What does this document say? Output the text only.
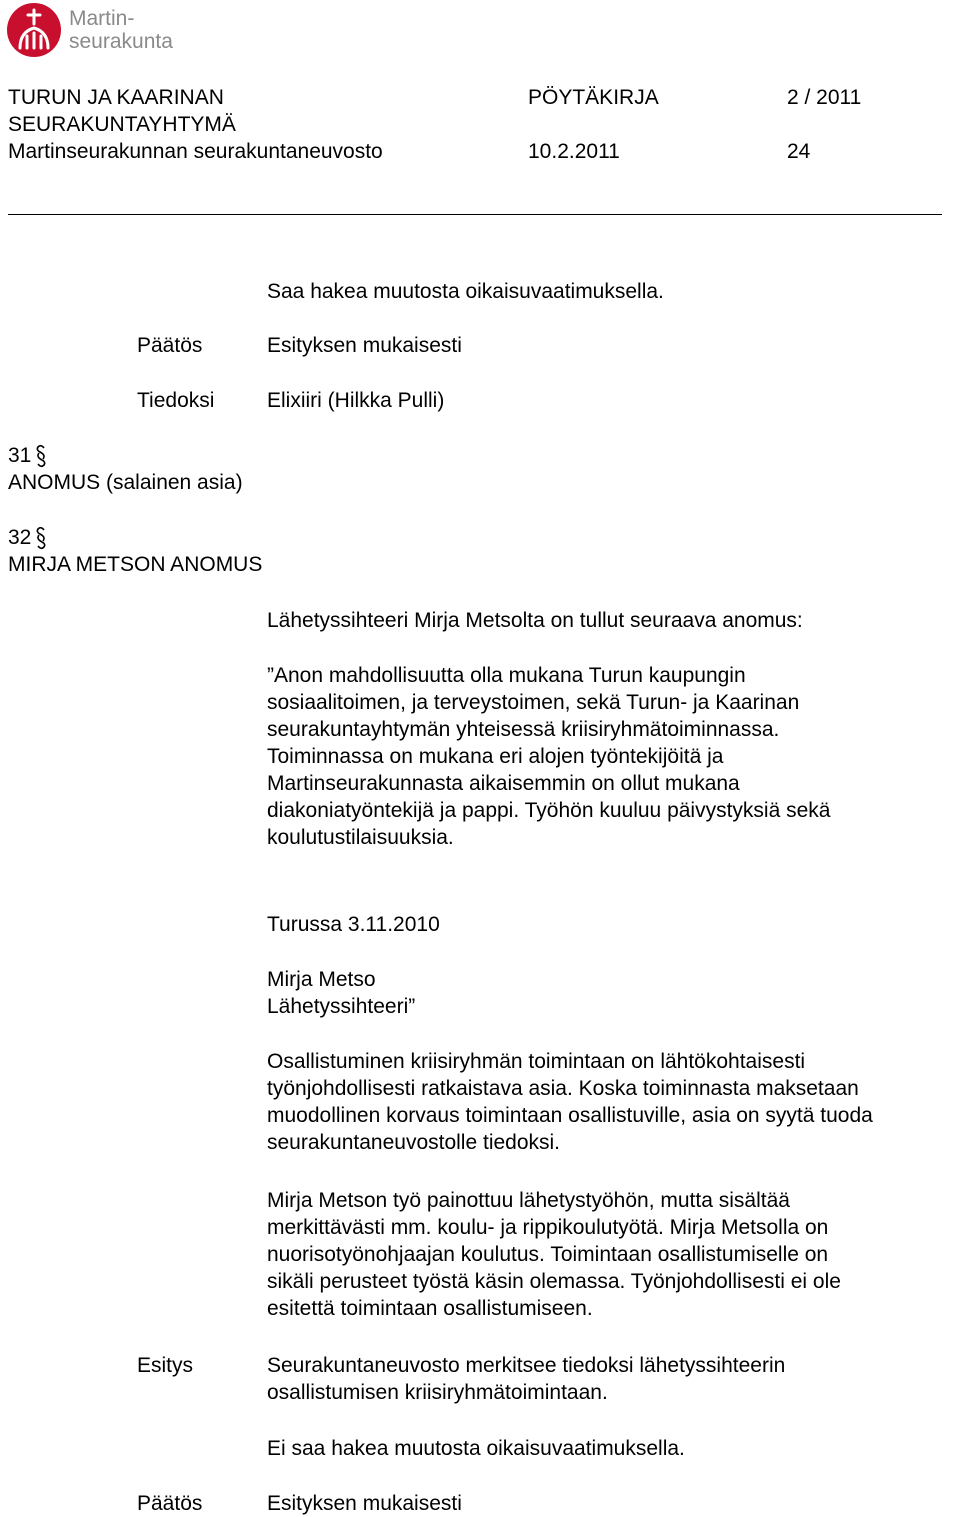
Martin-
seurakunta
TURUN JA KAARINAN
SEURAKUNTAYHTYMÄ
Martinseurakunnan seurakuntaneuvosto
PÖYTÄKIRJA	2 / 2011
10.2.2011	24
Saa hakea muutosta oikaisuvaatimuksella.
Päätös	Esityksen mukaisesti
Tiedoksi	Elixiiri (Hilkka Pulli)
31
ANOMUS (salainen asia)
32
MIRJA METSON ANOMUS
Lähetyssihteeri Mirja Metsolta on tullut seuraava anomus:
”Anon mahdollisuutta olla mukana Turun kaupungin
sosiaalitoimen, ja terveystoimen, sekä Turun- ja Kaarinan
seurakuntayhtymän yhteisessä kriisiryhmätoiminnassa.
Toiminnassa on mukana eri alojen työntekijöitä ja
Martinseurakunnasta aikaisemmin on ollut mukana
diakoniatyöntekijä ja pappi. Työhön kuuluu päivystyksiä sekä
koulutustilaisuuksia.
Turussa 3.11.2010
Mirja Metso
Lähetyssihteeri”
Osallistuminen kriisiryhmän toimintaan on lähtökohtaisesti
työnjohdollisesti ratkaistava asia. Koska toiminnasta maksetaan
muodollinen korvaus toimintaan osallistuville, asia on syytä tuoda
seurakuntaneuvostolle tiedoksi.
Mirja Metson työ painottuu lähetystyöhön, mutta sisältää
merkittävästi mm. koulu- ja rippikoulutyötä. Mirja Metsolla on
nuorisotyönohjaajan koulutus. Toimintaan osallistumiselle on
sikäli perusteet työstä käsin olemassa. Työnjohdollisesti ei ole
esitettä toimintaan osallistumiseen.
Esitys	Seurakuntaneuvosto merkitsee tiedoksi lähetyssihteerin
osallistumisen kriisiryhmätoimintaan.
Ei saa hakea muutosta oikaisuvaatimuksella.
Päätös	Esityksen mukaisesti
